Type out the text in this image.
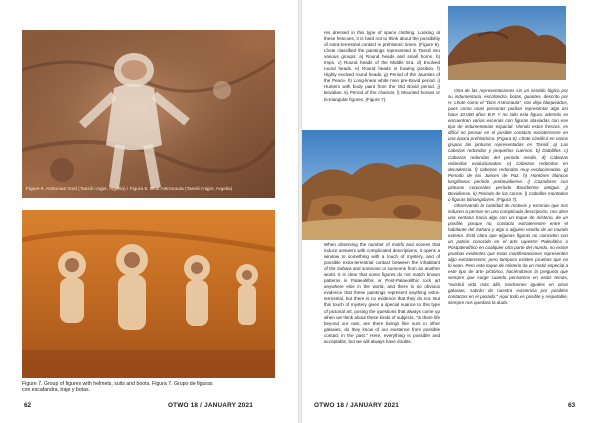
Figure 6. Astronaut God (Tassili n'ajjer, Algeria) / Figura 6. Dios Astronauta (Tassili n'ajjer, Argelia)
Figure 7. Group of figures with helmets, suits and boots. Figura 7. Grupo de figuras con escafandra, traje y botas.
62	OTWO 18 / JANUARY 2021

res dressed in this type of space clothing. Looking at these frescoes, it is hard not to think about the possibility of extra-terrestrial contact in prehistoric times. (Figure 6). Lhote classified the paintings represented in Tassili into various groups: a) Round heads and small horns. b) Imps. c) Round heads of the Middle Era. d) Evolved round heads. e) Round heads in bowing position. f) Highly evolved round heads. g) Period of the Jaunties of the Peace. h) Long-linear white men pre-Bovid period. i) Hunters with body paint from the Old Bovid period. j) Bovidian. k) Period of the chariots. l) Mounted horses or bi-triangular figures. (Figure 7).

When observing the number of motifs and scenes that induce answers with complicated descriptions, it opens a window to something with a touch of mystery, and of possible extra-terrestrial contact between the inhabitant of the Sahara and someone or someone from an another world. It is clear that some figures do not match known patterns in Palaeolithic or Post-Palaeolithic rock art anywhere else in the world, and there is no obvious evidence that these paintings represent anything extra-terrestrial, but there is no evidence that they do not. But this touch of mystery gives a special nuance to this type of pictorial art, posing the questions that always come up when we think about these kinds of subjects, "is there life beyond our own, are there beings like ours in other galaxies, do they know of our existence from possible contact in the past." Here, everything is possible and acceptable, but we will always have doubts.

Otra de las representaciones sin un sentido lógico por su indumentaria, escafandra, botas, guantes, descrito por H. Lhote como el "Dios Astronauta", nos deja bloqueados, pues como unas personas podían representar algo así hace 10.000 años B.P. Y no solo esta figura, además se encuentran varias escenas con figuras ataviadas con ese tipo de indumentarias espacial. Viendo estos frescos, es difícil no pensar en el posible contacto extraterrestre en una época prehistórica. (Figura 6). Lhote clasificó en varios grupos las pinturas representadas en Tassili; a) Las cabezas redondas y pequeños cuernos. b) Diablillos. c) Cabezas redondas del periodo medio. d) Cabezas redondas evolucionadas. e) Cabezas redondas en decadencia. f) cabezas redondas muy evolucionadas. g) Periodo de los Jueces de Paz. h) Hombres blancos longilíneos periodo prebovidiense. i) Cazadores con pinturas corporales período Bovidiense antiguo. j) Bovidiense. k) Periodo de los carros. l) Caballos montados o figuras bitriangulares. (Figura 7).

Observando la cantidad de motivos y escenas que nos inducen a pensar en una complicada descripción, nos abre una ventana hacia algo con un toque de misterio, de un posible, porque no, contacto extraterrestre entre el habitante del Sahara y algo o alguien venido de un mundo exterior. Está claro que algunas figuras no coinciden con un patrón conocido en el arte rupestre Paleolítico o Postpaleolítico en cualquier otra parte del mundo, no existe pruebas evidentes que estas manifestaciones representen algo extraterrestre, pero tampoco existen pruebas que no lo sean. Pero este toque de misterio da un matiz especial a este tipo de arte pictórico, haciéndonos la pregunta que siempre que surge cuando pensamos en estos temas, "existirá vida más allá, tendremos iguales en otras galaxias, sabrán de nuestra existencia por posibles contactos en el pasado." Aquí todo es posible y respetable, siempre nos quedará la duda.

OTWO 18 / JANUARY 2021	63
